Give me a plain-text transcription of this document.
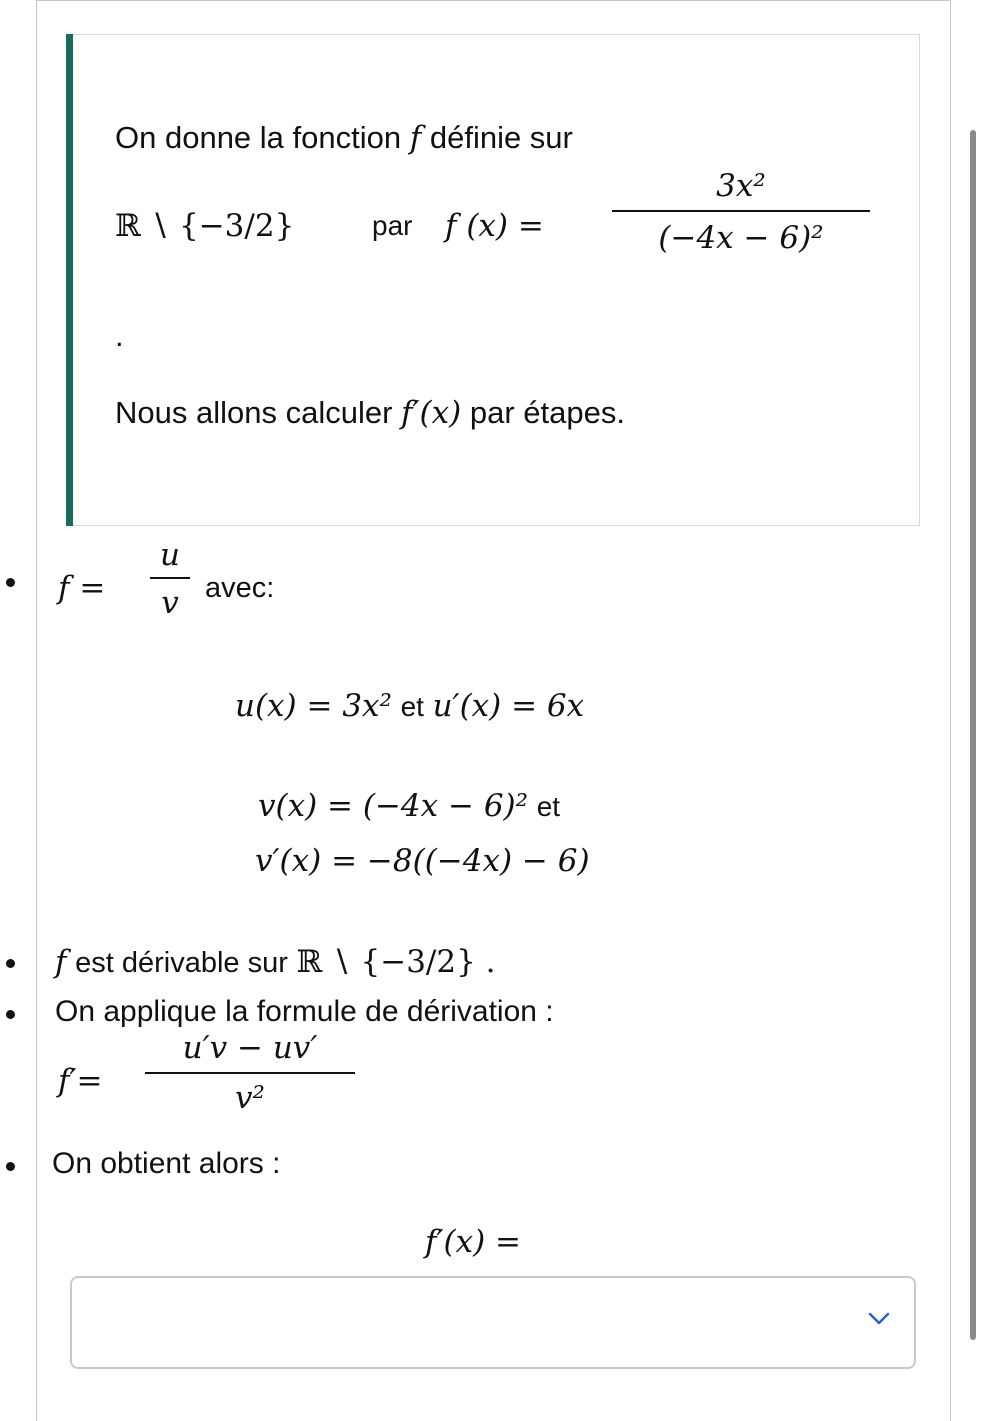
On donne la fonction f définie sur
ℝ ∖ {−3/2}	par f (x) =
3x²
(−4x − 6)²
.
Nous allons calculer f′(x) par étapes.
f =
u
v avec:
u(x) = 3x² et u′(x) = 6x
v(x) = (−4x − 6)² et
v′(x) = −8((−4x) − 6)
f est dérivable sur ℝ ∖ {−3/2} .
On applique la formule de dérivation :
f′=
u′v − uv′
v²
On obtient alors :
f′(x) =
